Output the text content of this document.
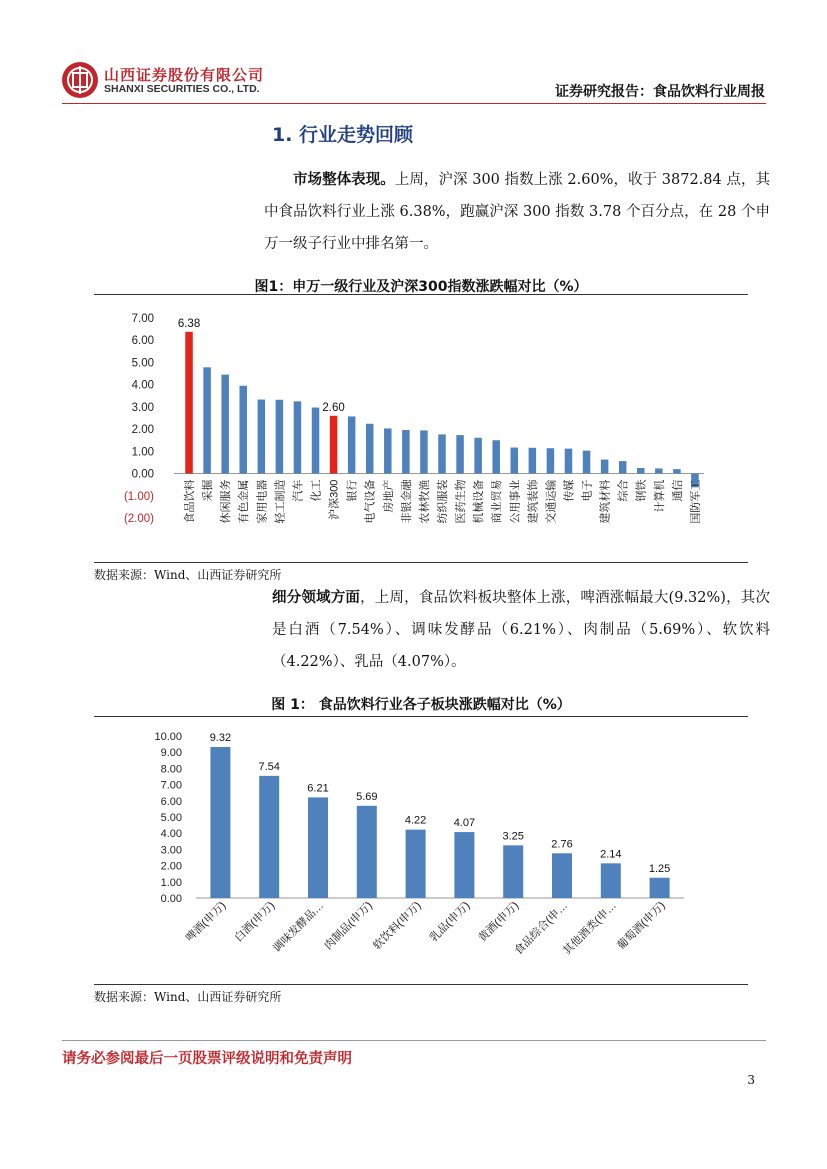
山西证券股份有限公司
SHANXI SECURITIES CO., LTD.	证券研究报告：食品饮料行业周报
1. 行业走势回顾

市场整体表现。上周，沪深 300 指数上涨 2.60%，收于 3872.84 点，其中食品饮料行业上涨 6.38%，跑赢沪深 300 指数 3.78 个百分点，在 28 个申万一级子行业中排名第一。

图1：申万一级行业及沪深300指数涨跌幅对比（%）
7.00
6.00
5.00
4.00
3.00
2.00
1.00
0.00
(1.00)
(2.00)
6.38
食品饮料 采掘 休闲服务 有色金属 家用电器 轻工制造 汽车 化工
2.60
沪深300 银行 电气设备 房地产 非银金融 农林牧渔 纺织服装 医药生物 机械设备 商业贸易 公用事业 建筑装饰 交通运输 传媒 电子 建筑材料 综合 钢铁 计算机 通信 国防军工
数据来源：Wind、山西证券研究所

细分领域方面，上周，食品饮料板块整体上涨，啤酒涨幅最大(9.32%)，其次是白酒（7.54%）、调味发酵品（6.21%）、肉制品（5.69%）、软饮料（4.22%）、乳品（4.07%）。

图 1： 食品饮料行业各子板块涨跌幅对比（%）
10.00
9.00
8.00
7.00
6.00
5.00
4.00
3.00
2.00
1.00
0.00
9.32
啤酒(申万)
7.54
白酒(申万)
6.21
调味发酵品…
5.69
肉制品(申万)
4.22
软饮料(申万)
4.07
乳品(申万)
3.25
黄酒(申万)
2.76
食品综合(申…
2.14
其他酒类(申…
1.25
葡萄酒(申万)
数据来源：Wind、山西证券研究所
请务必参阅最后一页股票评级说明和免责声明
3
